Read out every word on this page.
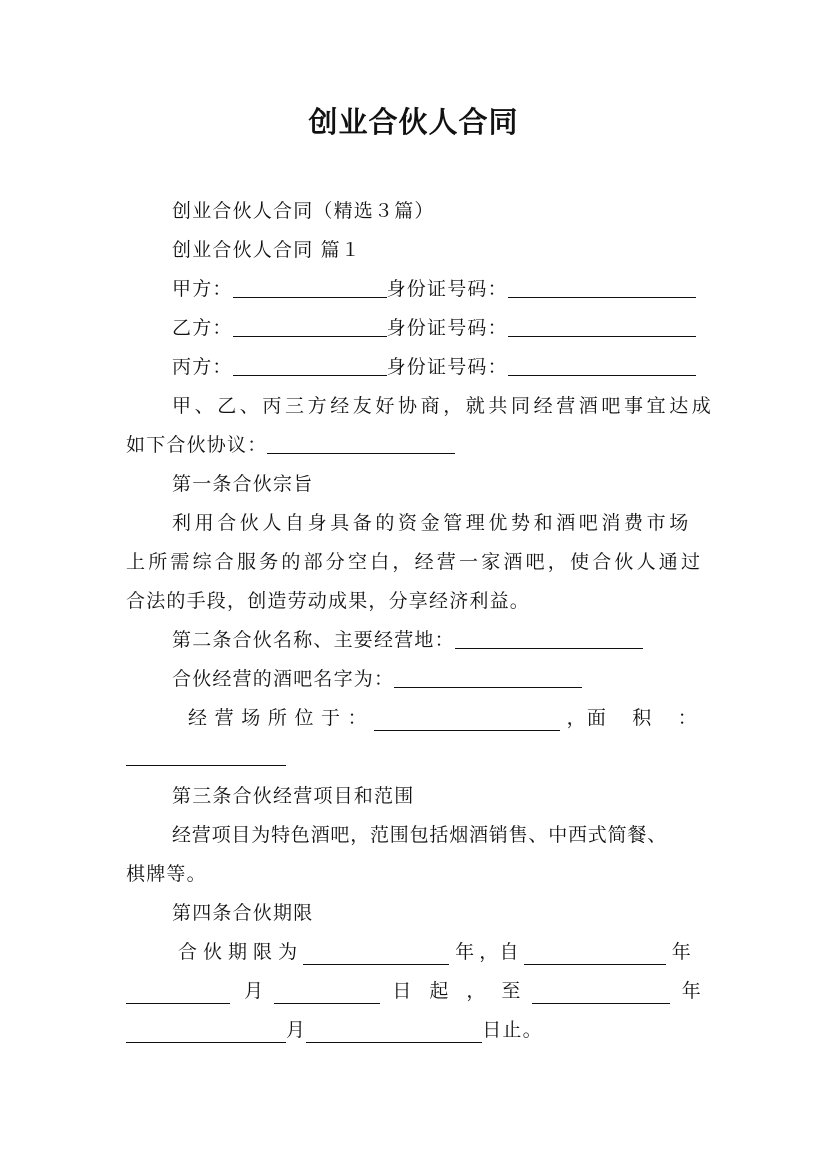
创业合伙人合同
创业合伙人合同（精选３篇）
创业合伙人合同 篇１
甲方：	身份证号码：
乙方：	身份证号码：
丙方：	身份证号码：
甲、乙、丙三方经友好协商，就共同经营酒吧事宜达成
如下合伙协议：
第一条合伙宗旨
利用合伙人自身具备的资金管理优势和酒吧消费市场
上所需综合服务的部分空白，经营一家酒吧，使合伙人通过
合法的手段，创造劳动成果，分享经济利益。
第二条合伙名称、主要经营地：
合伙经营的酒吧名字为：
经 营 场 所 位 于 ：	，面 积 ：
第三条合伙经营项目和范围
经营项目为特色酒吧，范围包括烟酒销售、中西式简餐、
棋牌等。
第四条合伙期限
合伙期限为	年 ，自	年
月	日 起 ， 至	年
月	日止。
